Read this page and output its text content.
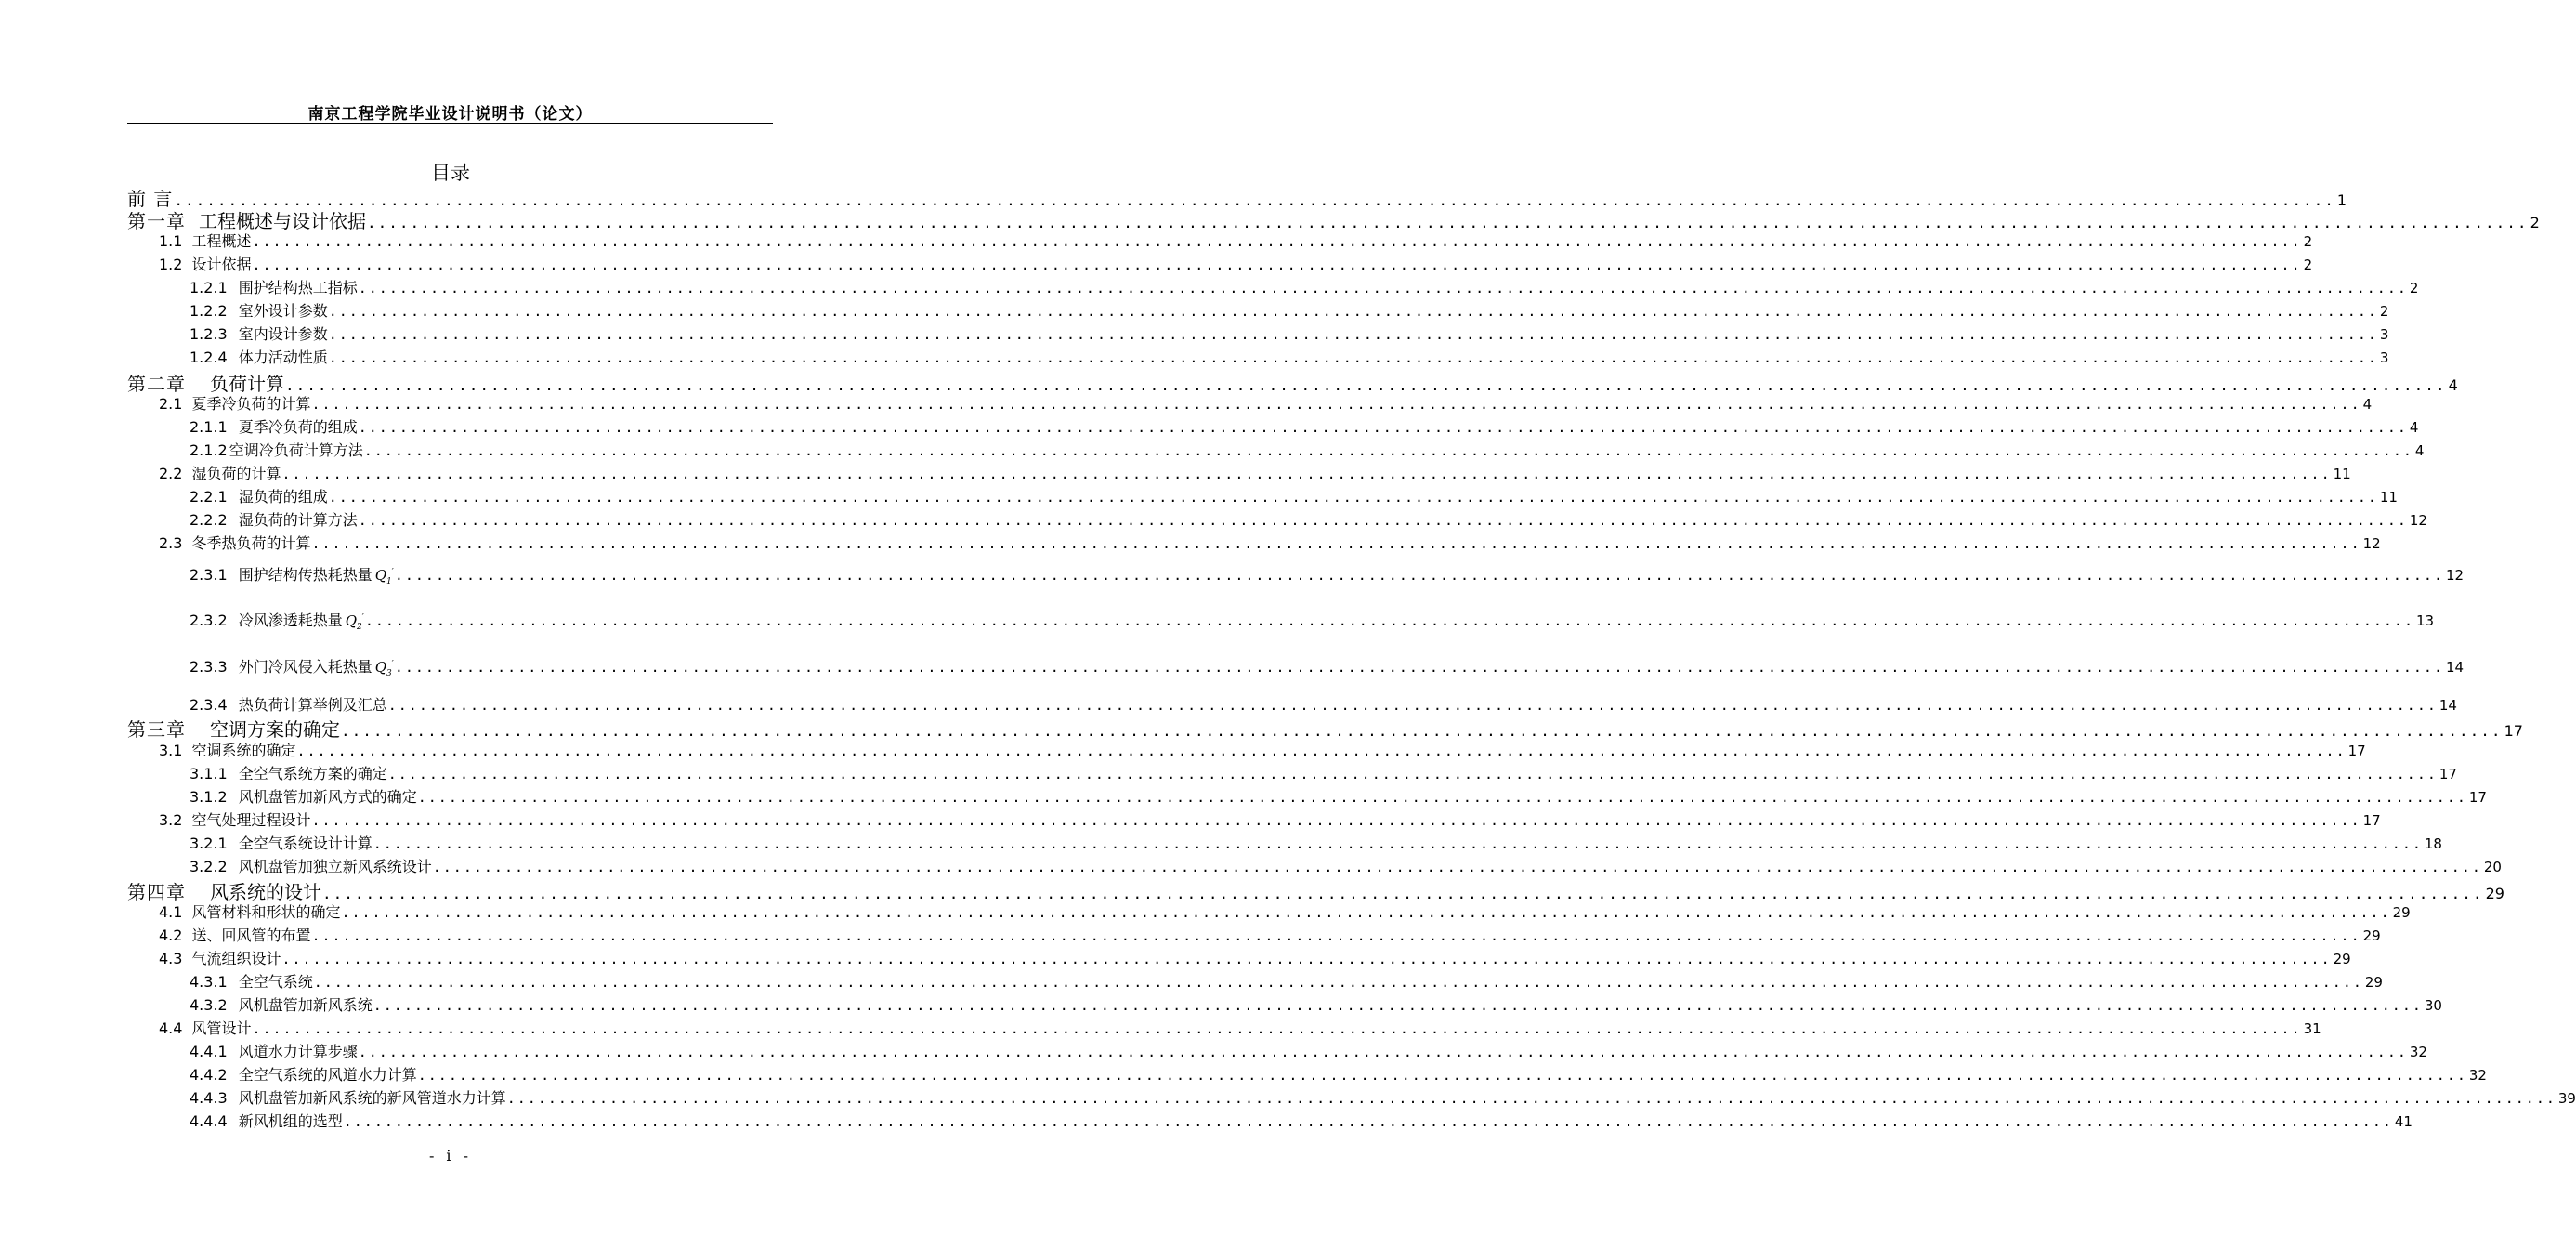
南京工程学院毕业设计说明书（论文）
目录
前 言 ........................................................................................................................................................................................................ 1
第一章 工程概述与设计依据 ........................................................................................................................................................................................................ 2
1.1 工程概述 ........................................................................................................................................................................................................ 2
1.2 设计依据 ........................................................................................................................................................................................................ 2
1.2.1 围护结构热工指标 ........................................................................................................................................................................................................ 2
1.2.2 室外设计参数 ........................................................................................................................................................................................................ 2
1.2.3 室内设计参数 ........................................................................................................................................................................................................ 3
1.2.4 体力活动性质 ........................................................................................................................................................................................................ 3
第二章 负荷计算 ........................................................................................................................................................................................................ 4
2.1 夏季冷负荷的计算 ........................................................................................................................................................................................................ 4
2.1.1 夏季冷负荷的组成 ........................................................................................................................................................................................................ 4
2.1.2 空调冷负荷计算方法 ........................................................................................................................................................................................................ 4
2.2 湿负荷的计算 ........................................................................................................................................................................................................ 11
2.2.1 湿负荷的组成 ........................................................................................................................................................................................................ 11
2.2.2 湿负荷的计算方法 ........................................................................................................................................................................................................ 12
2.3 冬季热负荷的计算 ........................................................................................................................................................................................................ 12
2.3.1 围护结构传热耗热量 $Q_1'$ ........................................................................................................................................................................................................ 12
2.3.2 冷风渗透耗热量 $Q_2'$ ........................................................................................................................................................................................................ 13
2.3.3 外门冷风侵入耗热量 $Q_3'$ ........................................................................................................................................................................................................ 14
2.3.4 热负荷计算举例及汇总 ........................................................................................................................................................................................................ 14
第三章 空调方案的确定 ........................................................................................................................................................................................................ 17
3.1 空调系统的确定 ........................................................................................................................................................................................................ 17
3.1.1 全空气系统方案的确定 ........................................................................................................................................................................................................ 17
3.1.2 风机盘管加新风方式的确定 ........................................................................................................................................................................................................ 17
3.2 空气处理过程设计 ........................................................................................................................................................................................................ 17
3.2.1 全空气系统设计计算 ........................................................................................................................................................................................................ 18
3.2.2 风机盘管加独立新风系统设计 ........................................................................................................................................................................................................ 20
第四章 风系统的设计 ........................................................................................................................................................................................................ 29
4.1 风管材料和形状的确定 ........................................................................................................................................................................................................ 29
4.2 送、回风管的布置 ........................................................................................................................................................................................................ 29
4.3 气流组织设计 ........................................................................................................................................................................................................ 29
4.3.1 全空气系统 ........................................................................................................................................................................................................ 29
4.3.2 风机盘管加新风系统 ........................................................................................................................................................................................................ 30
4.4 风管设计 ........................................................................................................................................................................................................ 31
4.4.1 风道水力计算步骤 ........................................................................................................................................................................................................ 32
4.4.2 全空气系统的风道水力计算 ........................................................................................................................................................................................................ 32
4.4.3 风机盘管加新风系统的新风管道水力计算 ........................................................................................................................................................................................................ 39
4.4.4 新风机组的选型 ........................................................................................................................................................................................................ 41
- i -
